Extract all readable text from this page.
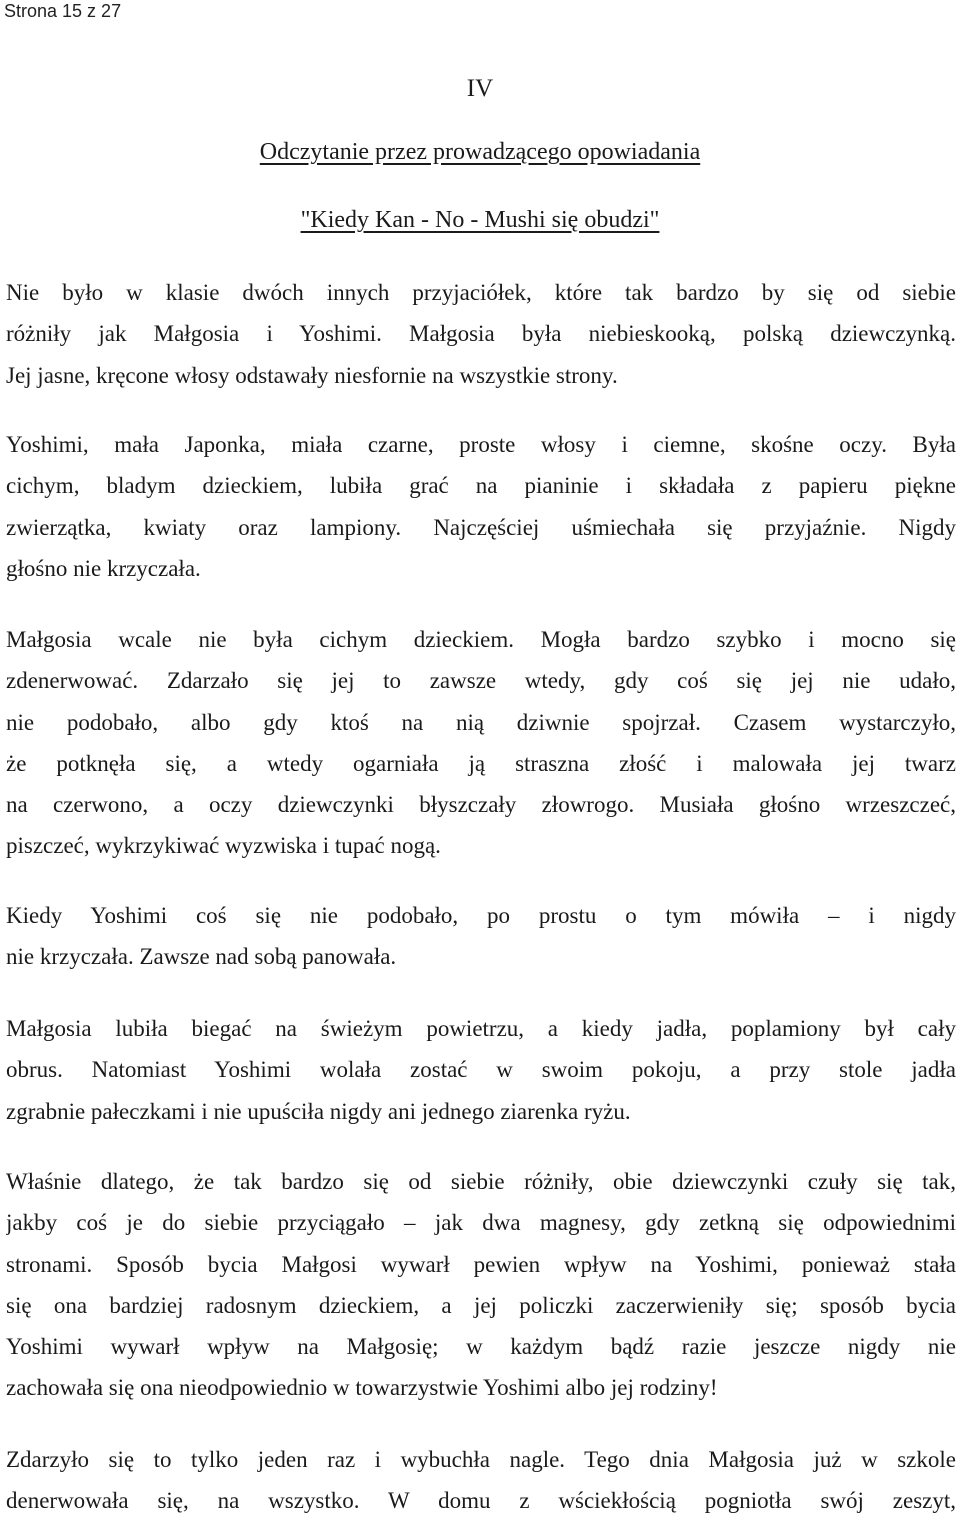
Strona 15 z 27
IV
Odczytanie przez prowadzącego opowiadania
"Kiedy Kan - No - Mushi się obudzi"
Nie było w klasie dwóch innych przyjaciółek, które tak bardzo by się od siebie
różniły jak Małgosia i Yoshimi. Małgosia była niebieskooką, polską dziewczynką.
Jej jasne, kręcone włosy odstawały niesfornie na wszystkie strony.
Yoshimi, mała Japonka, miała czarne, proste włosy i ciemne, skośne oczy. Była
cichym, bladym dzieckiem, lubiła grać na pianinie i składała z papieru piękne
zwierzątka, kwiaty oraz lampiony. Najczęściej uśmiechała się przyjaźnie. Nigdy
głośno nie krzyczała.
Małgosia wcale nie była cichym dzieckiem. Mogła bardzo szybko i mocno się
zdenerwować. Zdarzało się jej to zawsze wtedy, gdy coś się jej nie udało,
nie podobało, albo gdy ktoś na nią dziwnie spojrzał. Czasem wystarczyło,
że potknęła się, a wtedy ogarniała ją straszna złość i malowała jej twarz
na czerwono, a oczy dziewczynki błyszczały złowrogo. Musiała głośno wrzeszczeć,
piszczeć, wykrzykiwać wyzwiska i tupać nogą.
Kiedy Yoshimi coś się nie podobało, po prostu o tym mówiła – i nigdy
nie krzyczała. Zawsze nad sobą panowała.
Małgosia lubiła biegać na świeżym powietrzu, a kiedy jadła, poplamiony był cały
obrus. Natomiast Yoshimi wolała zostać w swoim pokoju, a przy stole jadła
zgrabnie pałeczkami i nie upuściła nigdy ani jednego ziarenka ryżu.
Właśnie dlatego, że tak bardzo się od siebie różniły, obie dziewczynki czuły się tak,
jakby coś je do siebie przyciągało – jak dwa magnesy, gdy zetkną się odpowiednimi
stronami. Sposób bycia Małgosi wywarł pewien wpływ na Yoshimi, ponieważ stała
się ona bardziej radosnym dzieckiem, a jej policzki zaczerwieniły się; sposób bycia
Yoshimi wywarł wpływ na Małgosię; w każdym bądź razie jeszcze nigdy nie
zachowała się ona nieodpowiednio w towarzystwie Yoshimi albo jej rodziny!
Zdarzyło się to tylko jeden raz i wybuchła nagle. Tego dnia Małgosia już w szkole
denerwowała się, na wszystko. W domu z wściekłością pogniotła swój zeszyt,
